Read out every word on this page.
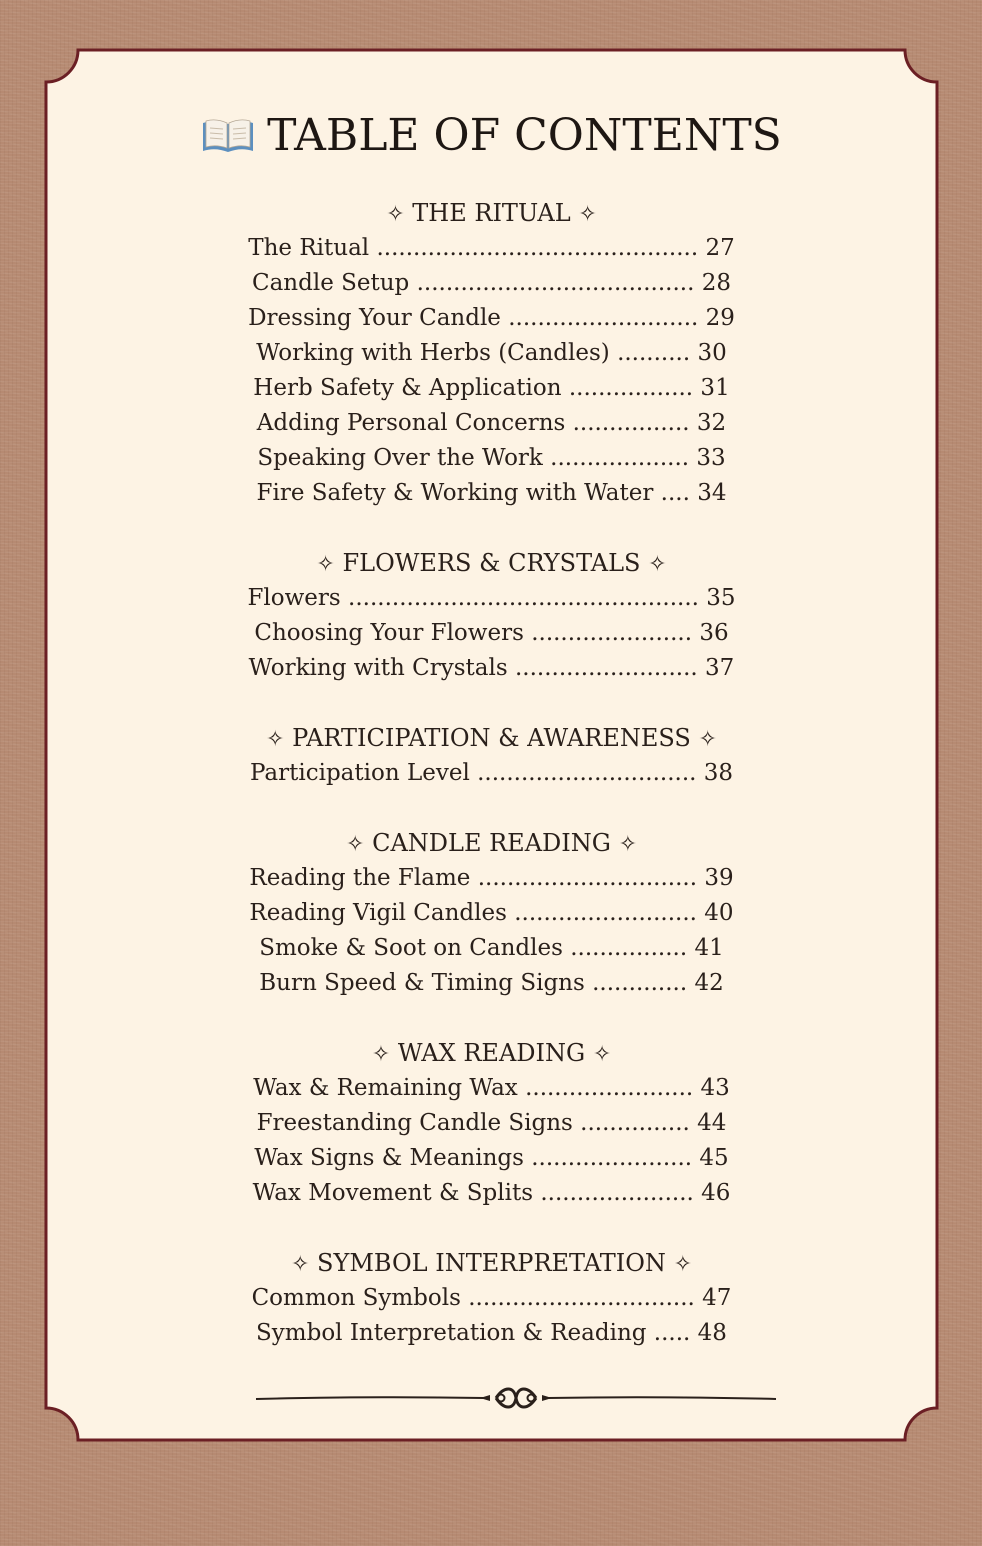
TABLE OF CONTENTS
✧ THE RITUAL ✧
The Ritual ............................................ 27
Candle Setup ...................................... 28
Dressing Your Candle .......................... 29
Working with Herbs (Candles) .......... 30
Herb Safety & Application ................. 31
Adding Personal Concerns ................ 32
Speaking Over the Work ................... 33
Fire Safety & Working with Water .... 34
✧ FLOWERS & CRYSTALS ✧
Flowers ................................................ 35
Choosing Your Flowers ...................... 36
Working with Crystals ......................... 37
✧ PARTICIPATION & AWARENESS ✧
Participation Level .............................. 38
✧ CANDLE READING ✧
Reading the Flame .............................. 39
Reading Vigil Candles ......................... 40
Smoke & Soot on Candles ................ 41
Burn Speed & Timing Signs ............. 42
✧ WAX READING ✧
Wax & Remaining Wax ....................... 43
Freestanding Candle Signs ............... 44
Wax Signs & Meanings ...................... 45
Wax Movement & Splits ..................... 46
✧ SYMBOL INTERPRETATION ✧
Common Symbols ............................... 47
Symbol Interpretation & Reading ..... 48
